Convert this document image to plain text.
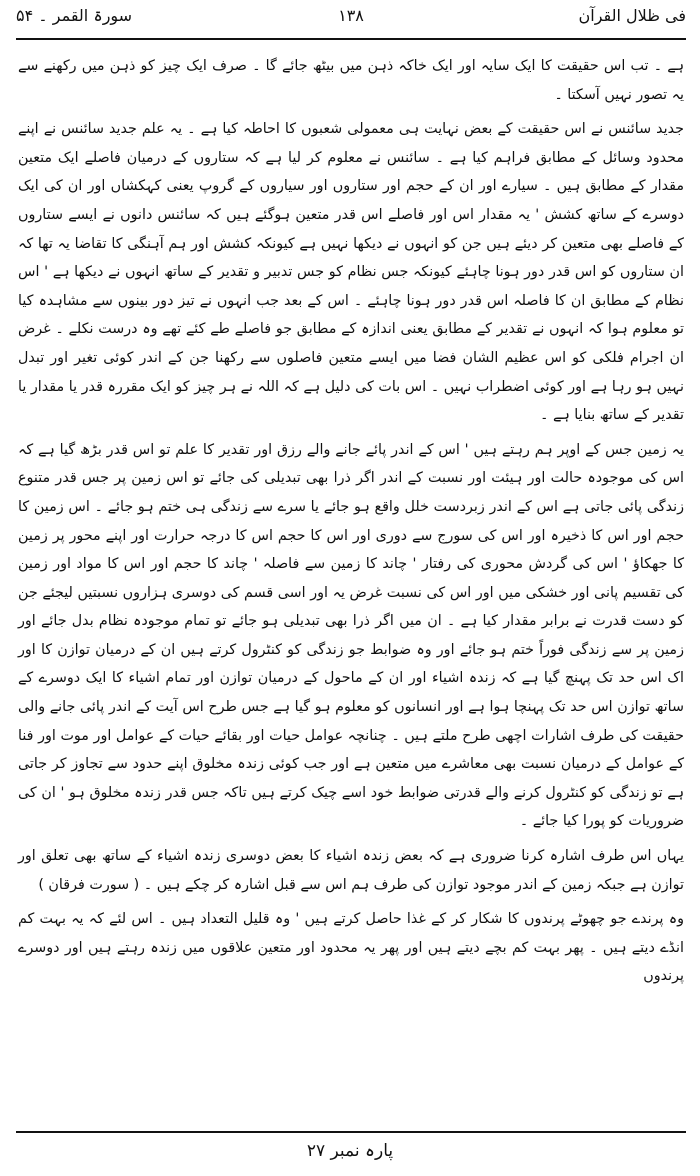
فی ظلال القرآن
۱۳۸
سورۃ القمر ۔ ۵۴

ہے ۔ تب اس حقیقت کا ایک سایہ اور ایک خاکہ ذہن میں بیٹھ جائے گا ۔ صرف ایک چیز کو ذہن میں رکھنے سے یہ تصور نہیں آسکتا ۔

جدید سائنس نے اس حقیقت کے بعض نہایت ہی معمولی شعبوں کا احاطہ کیا ہے ۔ یہ علم جدید سائنس نے اپنے محدود وسائل کے مطابق فراہم کیا ہے ۔ سائنس نے معلوم کر لیا ہے کہ ستاروں کے درمیان فاصلے ایک متعین مقدار کے مطابق ہیں ۔ سیارے اور ان کے حجم اور ستاروں اور سیاروں کے گروپ یعنی کہکشاں اور ان کی ایک دوسرے کے ساتھ کشش ' یہ مقدار اس اور فاصلے اس قدر متعین ہوگئے ہیں کہ سائنس دانوں نے ایسے ستاروں کے فاصلے بھی متعین کر دیئے ہیں جن کو انہوں نے دیکھا نہیں ہے کیونکہ کشش اور ہم آہنگی کا تقاضا یہ تھا کہ ان ستاروں کو اس قدر دور ہونا چاہئے کیونکہ جس نظام کو جس تدبیر و تقدیر کے ساتھ انہوں نے دیکھا ہے ' اس نظام کے مطابق ان کا فاصلہ اس قدر دور ہونا چاہئے ۔ اس کے بعد جب انہوں نے تیز دور بینوں سے مشاہدہ کیا تو معلوم ہوا کہ انہوں نے تقدیر کے مطابق یعنی اندازہ کے مطابق جو فاصلے طے کئے تھے وہ درست نکلے ۔ غرض ان اجرام فلکی کو اس عظیم الشان فضا میں ایسے متعین فاصلوں سے رکھنا جن کے اندر کوئی تغیر اور تبدل نہیں ہو رہا ہے اور کوئی اضطراب نہیں ۔ اس بات کی دلیل ہے کہ اللہ نے ہر چیز کو ایک مقررہ قدر یا مقدار یا تقدیر کے ساتھ بنایا ہے ۔

یہ زمین جس کے اوپر ہم رہتے ہیں ' اس کے اندر پائے جانے والے رزق اور تقدیر کا علم تو اس قدر بڑھ گیا ہے کہ اس کی موجودہ حالت اور ہیئت اور نسبت کے اندر اگر ذرا بھی تبدیلی کی جائے تو اس زمین پر جس قدر متنوع زندگی پائی جاتی ہے اس کے اندر زبردست خلل واقع ہو جائے یا سرے سے زندگی ہی ختم ہو جائے ۔ اس زمین کا حجم اور اس کا ذخیرہ اور اس کی سورج سے دوری اور اس کا حجم اس کا درجہ حرارت اور اپنے محور پر زمین کا جھکاؤ ' اس کی گردش محوری کی رفتار ' چاند کا زمین سے فاصلہ ' چاند کا حجم اور اس کا مواد اور زمین کی تقسیم پانی اور خشکی میں اور اس کی نسبت غرض یہ اور اسی قسم کی دوسری ہزاروں نسبتیں لیجئے جن کو دست قدرت نے برابر مقدار کیا ہے ۔ ان میں اگر ذرا بھی تبدیلی ہو جائے تو تمام موجودہ نظام بدل جائے اور زمین پر سے زندگی فوراً ختم ہو جائے اور وہ ضوابط جو زندگی کو کنٹرول کرتے ہیں ان کے درمیان توازن کا اور اک اس حد تک پہنچ گیا ہے کہ زندہ اشیاء اور ان کے ماحول کے درمیان توازن اور تمام اشیاء کا ایک دوسرے کے ساتھ توازن اس حد تک پہنچا ہوا ہے اور انسانوں کو معلوم ہو گیا ہے جس طرح اس آیت کے اندر پائی جانے والی حقیقت کی طرف اشارات اچھی طرح ملتے ہیں ۔ چنانچہ عوامل حیات اور بقائے حیات کے عوامل اور موت اور فنا کے عوامل کے درمیان نسبت بھی معاشرے میں متعین ہے اور جب کوئی زندہ مخلوق اپنے حدود سے تجاوز کر جاتی ہے تو زندگی کو کنٹرول کرنے والے قدرتی ضوابط خود اسے چیک کرتے ہیں تاکہ جس قدر زندہ مخلوق ہو ' ان کی ضروریات کو پورا کیا جائے ۔

یہاں اس طرف اشارہ کرنا ضروری ہے کہ بعض زندہ اشیاء کا بعض دوسری زندہ اشیاء کے ساتھ بھی تعلق اور توازن ہے جبکہ زمین کے اندر موجود توازن کی طرف ہم اس سے قبل اشارہ کر چکے ہیں ۔ ( سورت فرقان )

وہ پرندے جو چھوٹے پرندوں کا شکار کر کے غذا حاصل کرتے ہیں ' وہ قلیل التعداد ہیں ۔ اس لئے کہ یہ بہت کم انڈے دیتے ہیں ۔ پھر بہت کم بچے دیتے ہیں اور پھر یہ محدود اور متعین علاقوں میں زندہ رہتے ہیں اور دوسرے پرندوں

پارہ نمبر ۲۷
